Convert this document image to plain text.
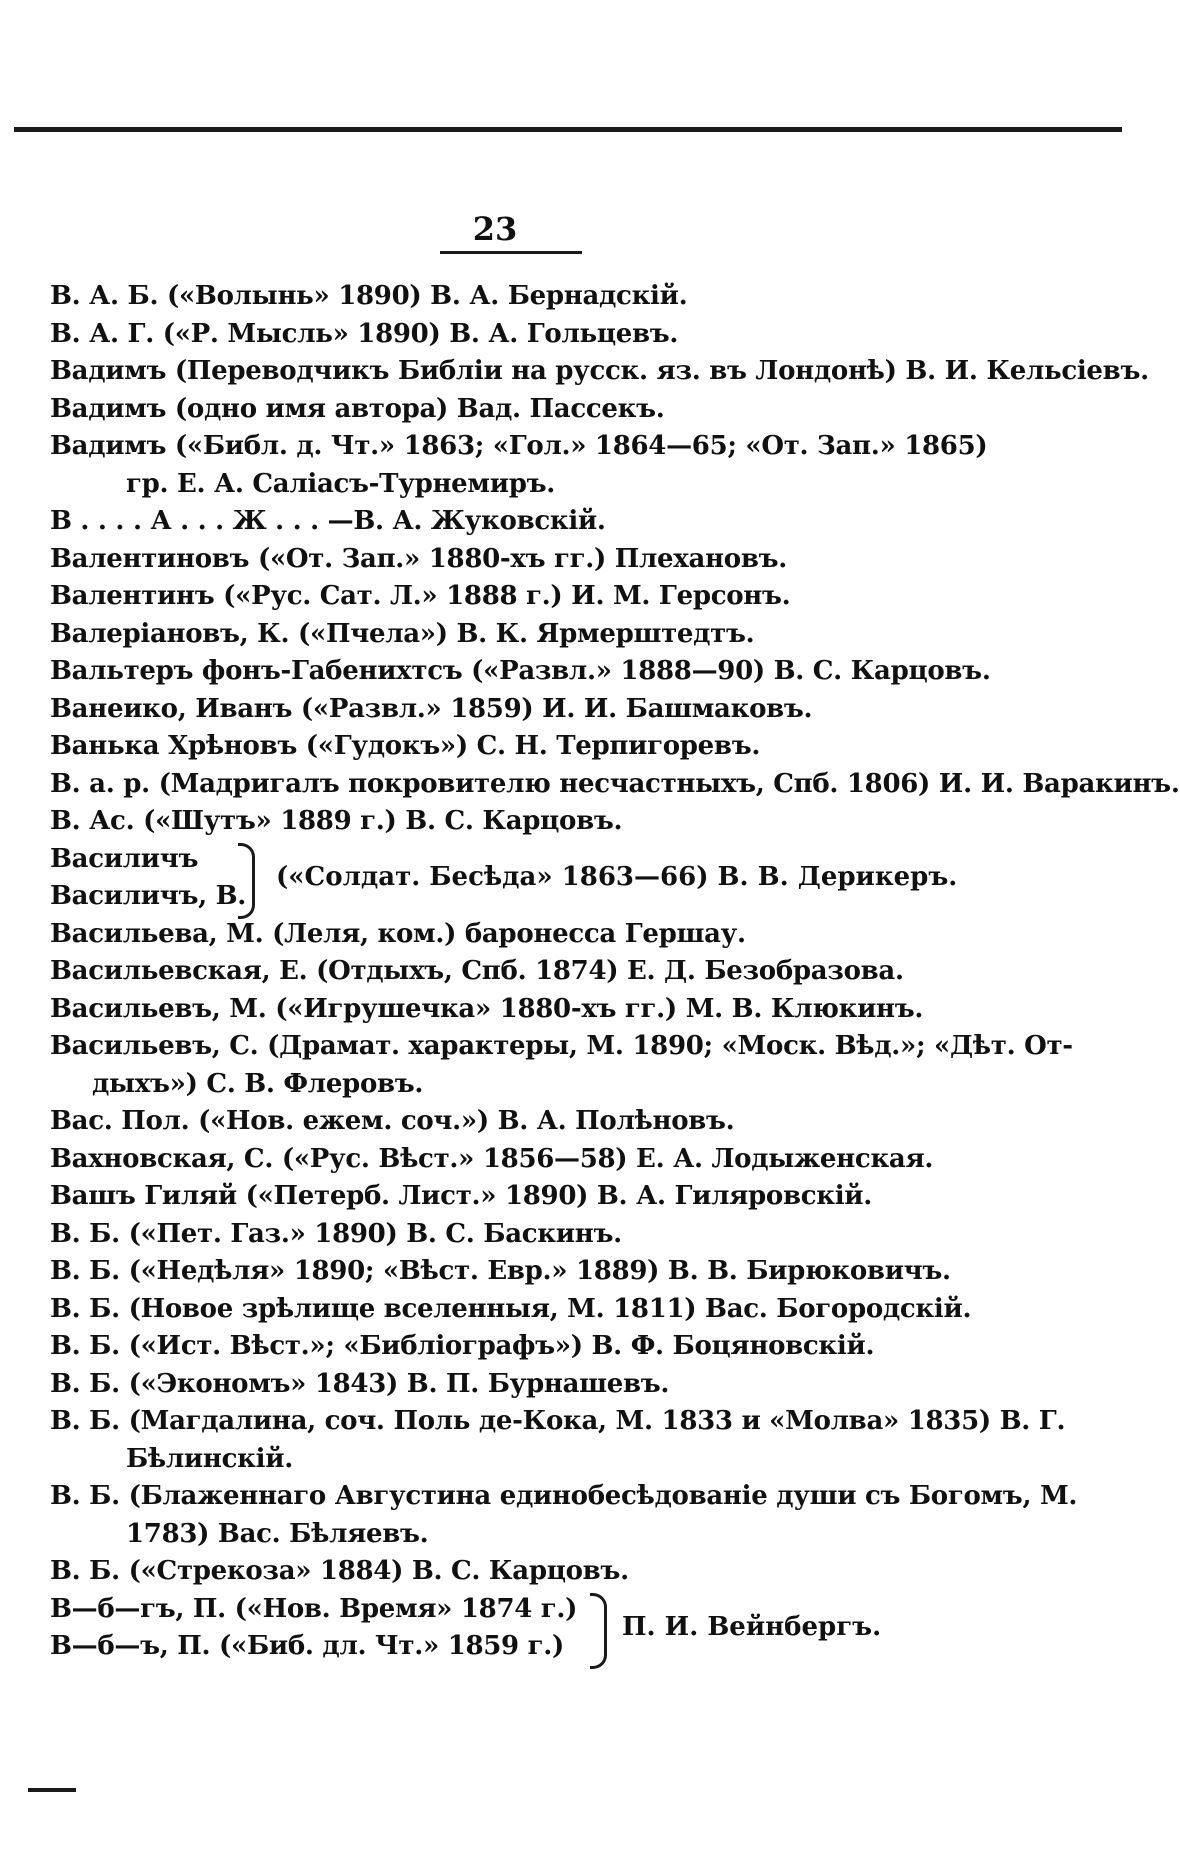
23
В. А. Б. («Волынь» 1890) В. А. Бернадскій.
В. А. Г. («Р. Мысль» 1890) В. А. Гольцевъ.
Вадимъ (Переводчикъ Библіи на русск. яз. въ Лондонѣ) В. И. Кельсіевъ.
Вадимъ (одно имя автора) Вад. Пассекъ.
Вадимъ («Библ. д. Чт.» 1863; «Гол.» 1864—65; «От. Зап.» 1865)
гр. Е. А. Саліасъ-Турнемиръ.
В . . . . А . . . Ж . . . —В. А. Жуковскій.
Валентиновъ («От. Зап.» 1880-хъ гг.) Плехановъ.
Валентинъ («Рус. Сат. Л.» 1888 г.) И. М. Герсонъ.
Валеріановъ, К. («Пчела») В. К. Ярмерштедтъ.
Вальтеръ фонъ-Габенихтсъ («Развл.» 1888—90) В. С. Карцовъ.
Ванеико, Иванъ («Развл.» 1859) И. И. Башмаковъ.
Ванька Хрѣновъ («Гудокъ») С. Н. Терпигоревъ.
В. а. р. (Мадригалъ покровителю несчастныхъ, Спб. 1806) И. И. Варакинъ.
В. Ас. («Шутъ» 1889 г.) В. С. Карцовъ.
Василичъ
Василичъ, В.
(«Солдат. Бесѣда» 1863—66) В. В. Дерикеръ.
Васильева, М. (Леля, ком.) баронесса Гершау.
Васильевская, Е. (Отдыхъ, Спб. 1874) Е. Д. Безобразова.
Васильевъ, М. («Игрушечка» 1880-хъ гг.) М. В. Клюкинъ.
Васильевъ, С. (Драмат. характеры, М. 1890; «Моск. Вѣд.»; «Дѣт. От-
дыхъ») С. В. Флеровъ.
Вас. Пол. («Нов. ежем. соч.») В. А. Полѣновъ.
Вахновская, С. («Рус. Вѣст.» 1856—58) Е. А. Лодыженская.
Вашъ Гиляй («Петерб. Лист.» 1890) В. А. Гиляровскій.
В. Б. («Пет. Газ.» 1890) В. С. Баскинъ.
В. Б. («Недѣля» 1890; «Вѣст. Евр.» 1889) В. В. Бирюковичъ.
В. Б. (Новое зрѣлище вселенныя, М. 1811) Вас. Богородскій.
В. Б. («Ист. Вѣст.»; «Библіографъ») В. Ф. Боцяновскій.
В. Б. («Экономъ» 1843) В. П. Бурнашевъ.
В. Б. (Магдалина, соч. Поль де-Кока, М. 1833 и «Молва» 1835) В. Г.
Бѣлинскій.
В. Б. (Блаженнаго Августина единобесѣдованіе души съ Богомъ, М.
1783) Вас. Бѣляевъ.
В. Б. («Стрекоза» 1884) В. С. Карцовъ.
В—б—гъ, П. («Нов. Время» 1874 г.)
В—б—ъ, П. («Биб. дл. Чт.» 1859 г.)
П. И. Вейнбергъ.
